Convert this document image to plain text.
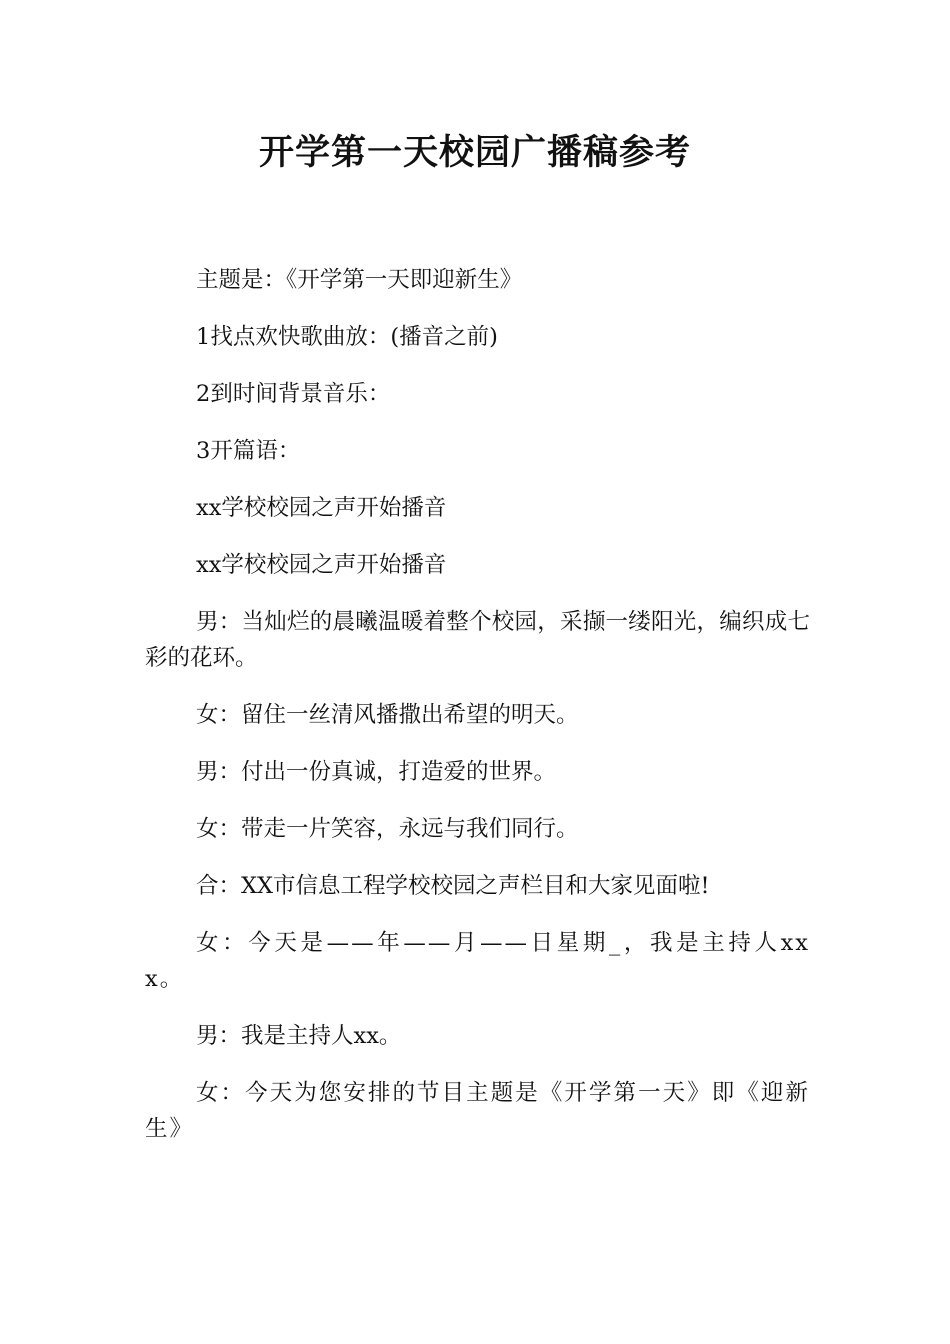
开学第一天校园广播稿参考

主题是：《开学第一天即迎新生》

1找点欢快歌曲放：(播音之前)

2到时间背景音乐：

3开篇语：

xx学校校园之声开始播音

xx学校校园之声开始播音

男：当灿烂的晨曦温暖着整个校园，采撷一缕阳光，编织成七彩的花环。

女：留住一丝清风播撒出希望的明天。

男：付出一份真诚，打造爱的世界。

女：带走一片笑容，永远与我们同行。

合：XX市信息工程学校校园之声栏目和大家见面啦!

女：今天是——年——月——日星期_，我是主持人xxx。

男：我是主持人xx。

女：今天为您安排的节目主题是《开学第一天》即《迎新生》
